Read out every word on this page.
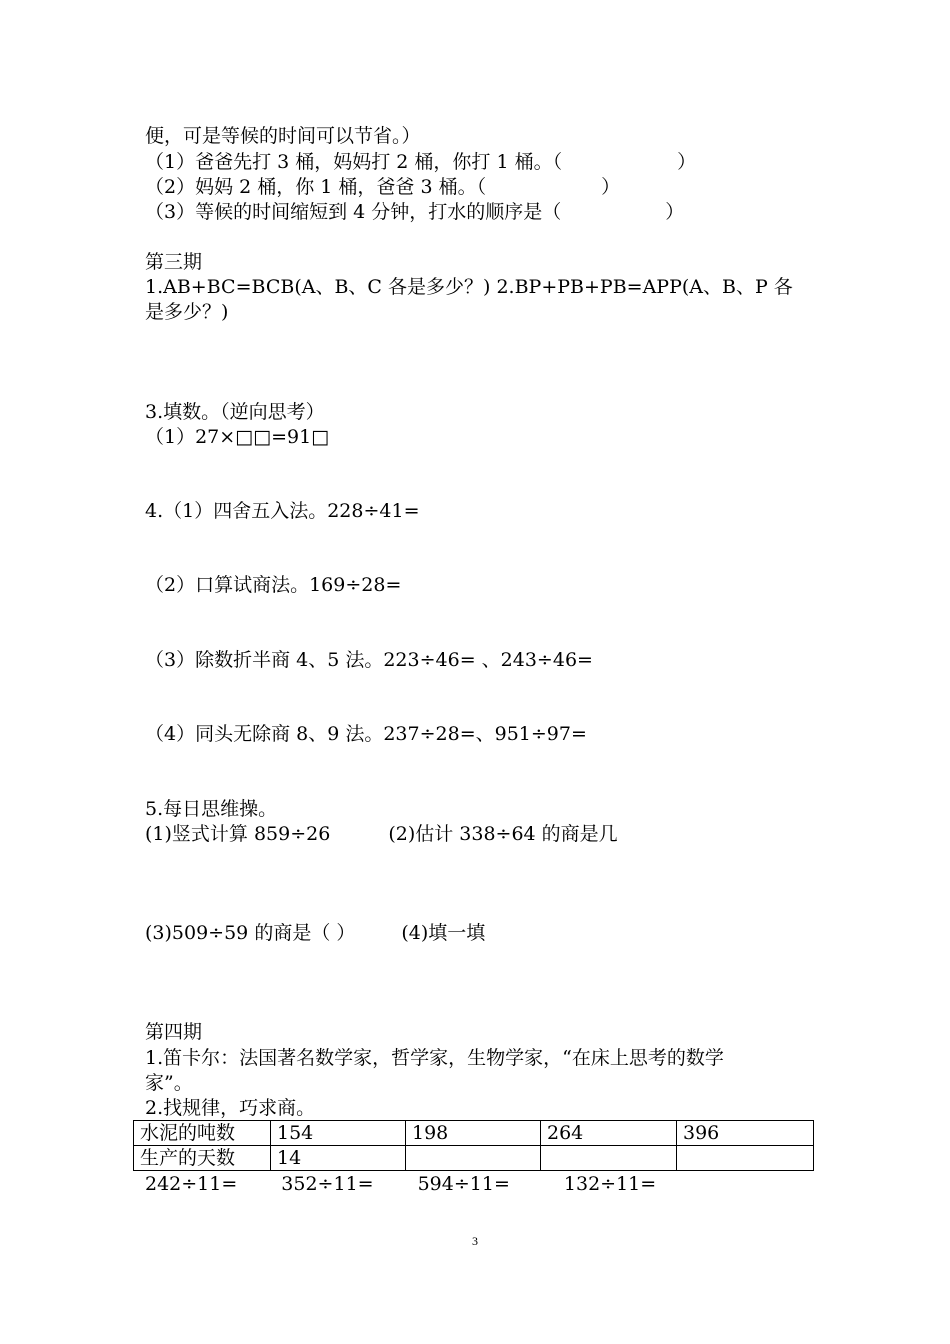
便，可是等候的时间可以节省。）

（1）爸爸先打 3 桶，妈妈打 2 桶，你打 1 桶。（	）

（2）妈妈 2 桶，你 1 桶，爸爸 3 桶。（	）

（3）等候的时间缩短到 4 分钟，打水的顺序是（	）

第三期

1.AB+BC=BCB(A、B、C 各是多少？) 2.BP+PB+PB=APP(A、B、P 各

是多少？)

3.填数。（逆向思考）

（1）27×□□=91□

4.（1）四舍五入法。228÷41=

（2）口算试商法。169÷28=

（3）除数折半商 4、5 法。223÷46= 、243÷46=

（4）同头无除商 8、9 法。237÷28=、951÷97=

5.每日思维操。

(1)竖式计算 859÷26	(2)估计 338÷64 的商是几

(3)509÷59 的商是（ ） (4)填一填

第四期

1.笛卡尔：法国著名数学家，哲学家，生物学家，“在床上思考的数学

家”。

2.找规律，巧求商。

水泥的吨数	154	198	264	396
生产的天数	14			

242÷11= 352÷11= 594÷11=	132÷11=

3
